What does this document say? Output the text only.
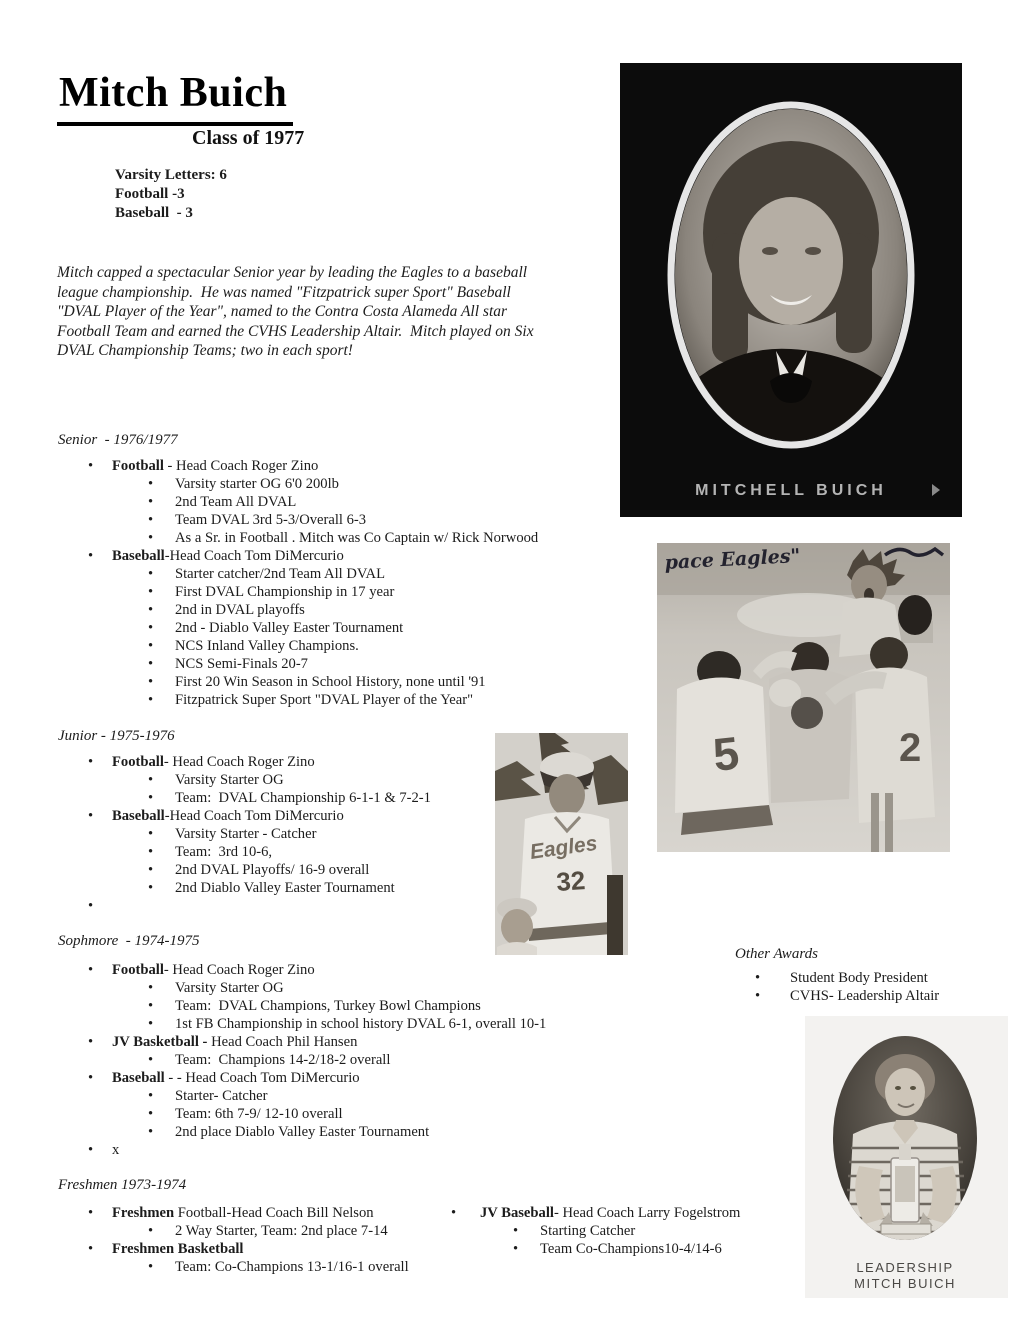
Mitch Buich
Class of 1977
Varsity Letters: 6
Football -3
Baseball  - 3
Mitch capped a spectacular Senior year by leading the Eagles to a baseball league championship.  He was named "Fitzpatrick super Sport" Baseball "DVAL Player of the Year", named to the Contra Costa Alameda All star Football Team and earned the CVHS Leadership Altair.  Mitch played on Six DVAL Championship Teams; two in each sport!
Senior  - 1976/1977
• Football - Head Coach Roger Zino
• Varsity starter OG 6'0 200lb
• 2nd Team All DVAL
• Team DVAL 3rd 5-3/Overall 6-3
• As a Sr. in Football . Mitch was Co Captain w/ Rick Norwood
• Baseball-Head Coach Tom DiMercurio
• Starter catcher/2nd Team All DVAL
• First DVAL Championship in 17 year
• 2nd in DVAL playoffs
• 2nd - Diablo Valley Easter Tournament
• NCS Inland Valley Champions.
• NCS Semi-Finals 20-7
• First 20 Win Season in School History, none until '91
• Fitzpatrick Super Sport "DVAL Player of the Year"
Junior - 1975-1976
• Football- Head Coach Roger Zino
• Varsity Starter OG
• Team:  DVAL Championship 6-1-1 & 7-2-1
• Baseball-Head Coach Tom DiMercurio
• Varsity Starter - Catcher
• Team:  3rd 10-6,
• 2nd DVAL Playoffs/ 16-9 overall
• 2nd Diablo Valley Easter Tournament
•
Sophmore  - 1974-1975
• Football- Head Coach Roger Zino
• Varsity Starter OG
• Team:  DVAL Champions, Turkey Bowl Champions
• 1st FB Championship in school history DVAL 6-1, overall 10-1
• JV Basketball - Head Coach Phil Hansen
• Team:  Champions 14-2/18-2 overall
• Baseball - - Head Coach Tom DiMercurio
• Starter- Catcher
• Team: 6th 7-9/ 12-10 overall
• 2nd place Diablo Valley Easter Tournament
• x
Freshmen 1973-1974
• Freshmen Football-Head Coach Bill Nelson
• 2 Way Starter, Team: 2nd place 7-14
• Freshmen Basketball
• Team: Co-Champions 13-1/16-1 overall
• JV Baseball- Head Coach Larry Fogelstrom
• Starting Catcher
• Team Co-Champions10-4/14-6
Other Awards
• Student Body President
• CVHS- Leadership Altair
MITCHELL BUICH
5	2
pace Eagles"
Eagles
32
LEADERSHIP
MITCH BUICH
